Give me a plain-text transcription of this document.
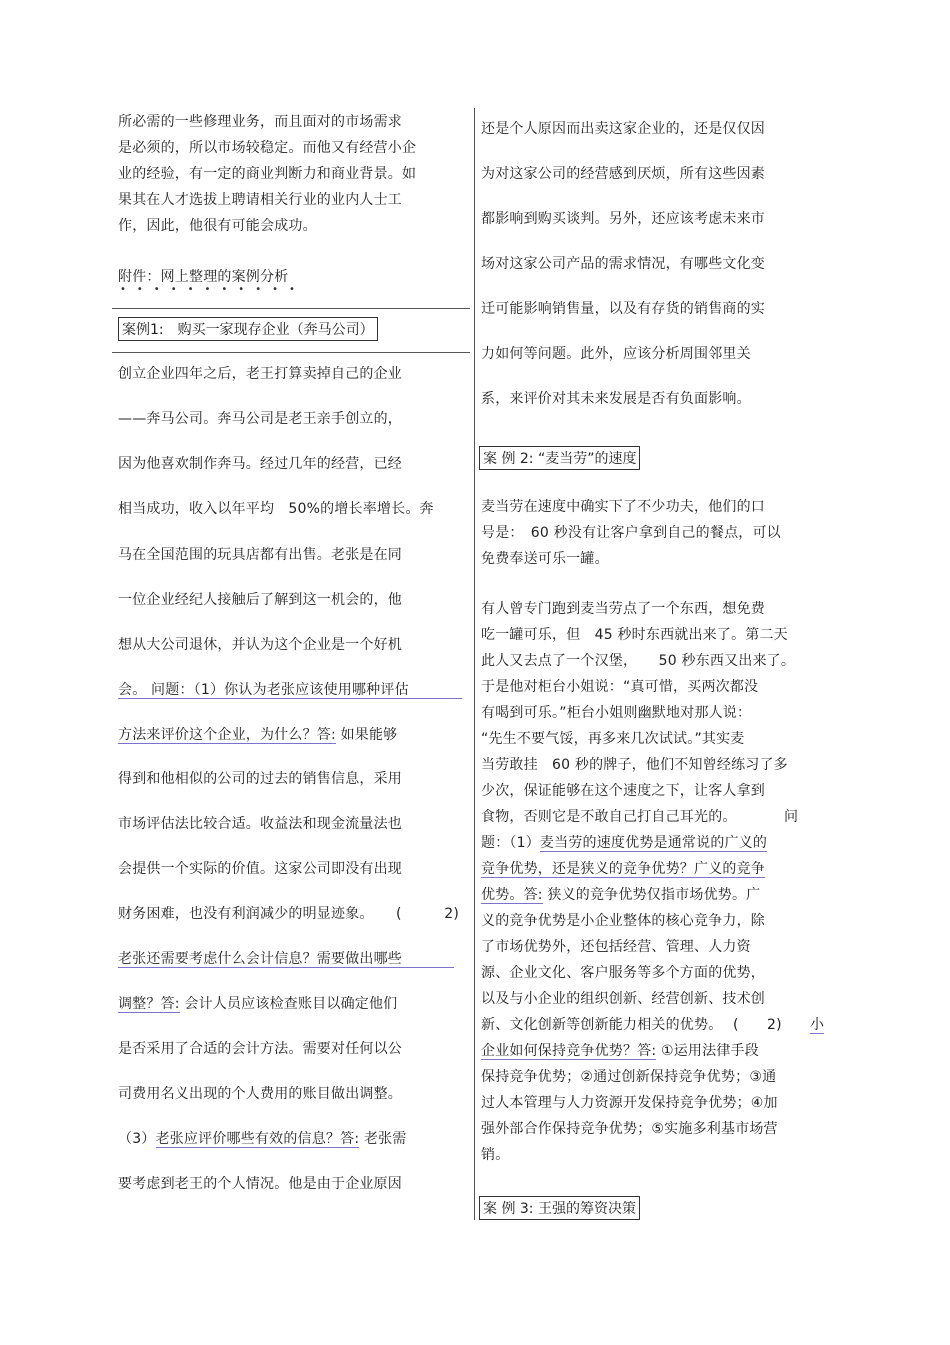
所必需的一些修理业务，而且面对的市场需求
是必须的，所以市场较稳定。而他又有经营小企
业的经验，有一定的商业判断力和商业背景。如
果其在人才选拔上聘请相关行业的业内人士工
作，因此，他很有可能会成功。
附件：网上整理的案例分析
•••••••••••
案例1:　购买一家现存企业（奔马公司）
创立企业四年之后，老王打算卖掉自己的企业
——奔马公司。奔马公司是老王亲手创立的，
因为他喜欢制作奔马。经过几年的经营，已经
相当成功，收入以年平均　50%的增长率增长。奔
马在全国范围的玩具店都有出售。老张是在同
一位企业经纪人接触后了解到这一机会的，他
想从大公司退休，并认为这个企业是一个好机
会。 问题：（1）你认为老张应该使用哪种评估
方法来评价这个企业，为什么？答: 如果能够
得到和他相似的公司的过去的销售信息，采用
市场评估法比较合适。收益法和现金流量法也
会提供一个实际的价值。这家公司即没有出现
财务困难，也没有利润减少的明显迹象。 (　　　2)
老张还需要考虑什么会计信息？需要做出哪些
调整？答: 会计人员应该检查账目以确定他们
是否采用了合适的会计方法。需要对任何以公
司费用名义出现的个人费用的账目做出调整。
（3）老张应评价哪些有效的信息？答: 老张需
要考虑到老王的个人情况。他是由于企业原因
还是个人原因而出卖这家企业的，还是仅仅因
为对这家公司的经营感到厌烦，所有这些因素
都影响到购买谈判。另外，还应该考虑未来市
场对这家公司产品的需求情况，有哪些文化变
迁可能影响销售量，以及有存货的销售商的实
力如何等问题。此外，应该分析周围邻里关
系，来评价对其未来发展是否有负面影响。
案 例 2: “麦当劳”的速度
麦当劳在速度中确实下了不少功夫，他们的口
号是：　60 秒没有让客户拿到自己的餐点，可以
免费奉送可乐一罐。
有人曾专门跑到麦当劳点了一个东西，想免费
吃一罐可乐，但　45 秒时东西就出来了。第二天
此人又去点了一个汉堡，　　50 秒东西又出来了。
于是他对柜台小姐说：“真可惜，买两次都没
有喝到可乐。”柜台小姐则幽默地对那人说：
“先生不要气馁，再多来几次试试。”其实麦
当劳敢挂　60 秒的牌子，他们不知曾经练习了多
少次，保证能够在这个速度之下，让客人拿到
食物，否则它是不敢自己打自己耳光的。	问
题：（1）麦当劳的速度优势是通常说的广义的
竞争优势，还是狭义的竞争优势？广义的竞争
优势。答: 狭义的竞争优势仅指市场优势。广
义的竞争优势是小企业整体的核心竞争力，除
了市场优势外，还包括经营、管理、人力资
源、企业文化、客户服务等多个方面的优势，
以及与小企业的组织创新、经营创新、技术创
新、文化创新等创新能力相关的优势。 (　　2) 小
企业如何保持竞争优势？答: ①运用法律手段
保持竞争优势；②通过创新保持竞争优势；③通
过人本管理与人力资源开发保持竞争优势；④加
强外部合作保持竞争优势；⑤实施多利基市场营
销。
案 例 3: 王强的筹资决策
